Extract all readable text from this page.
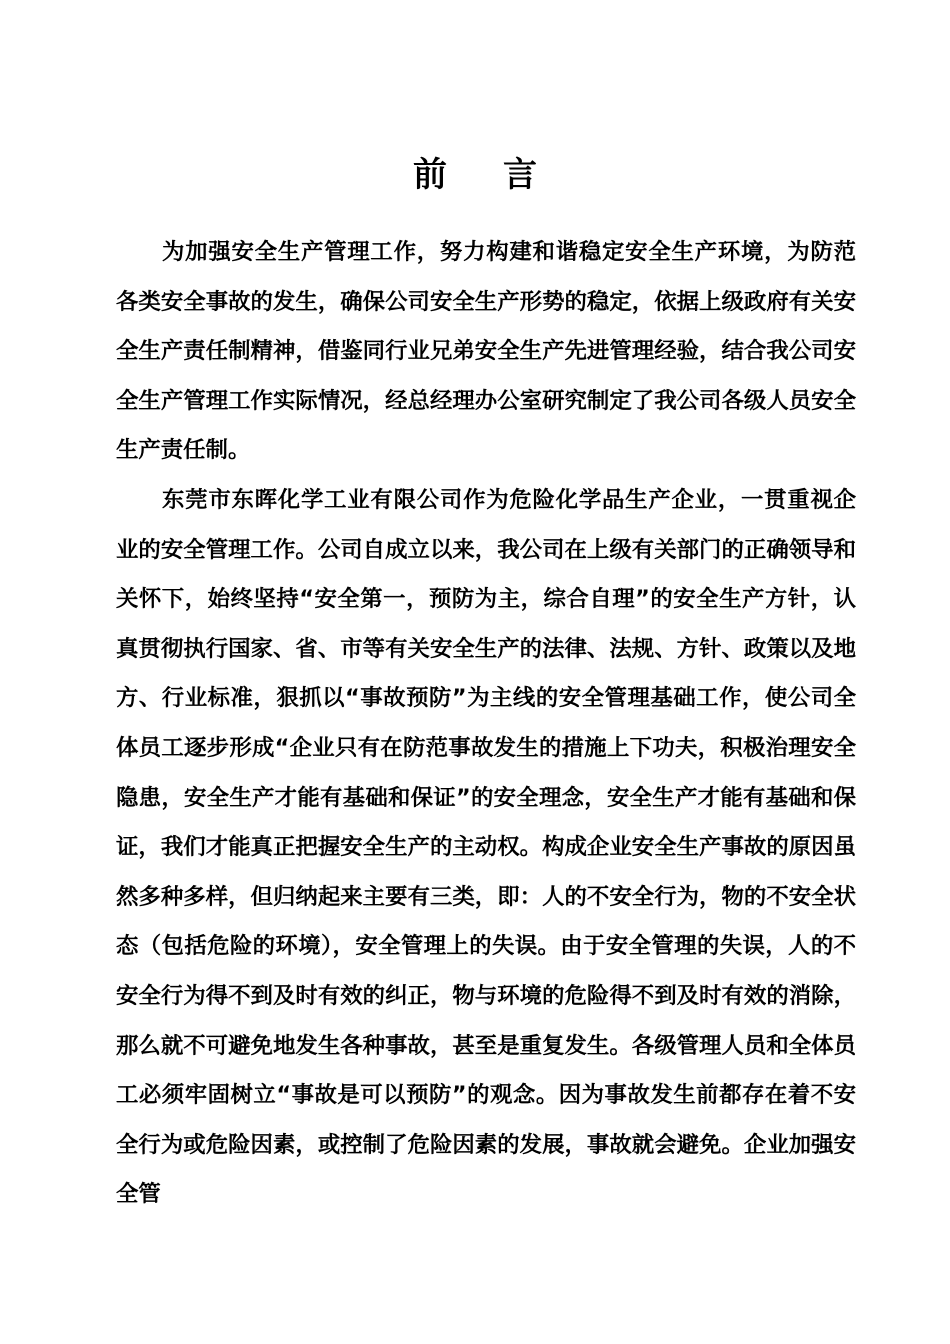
前言

为加强安全生产管理工作，努力构建和谐稳定安全生产环境，为防范各类安全事故的发生，确保公司安全生产形势的稳定，依据上级政府有关安全生产责任制精神，借鉴同行业兄弟安全生产先进管理经验，结合我公司安全生产管理工作实际情况，经总经理办公室研究制定了我公司各级人员安全生产责任制。

东莞市东晖化学工业有限公司作为危险化学品生产企业，一贯重视企业的安全管理工作。公司自成立以来，我公司在上级有关部门的正确领导和关怀下，始终坚持“安全第一，预防为主，综合自理”的安全生产方针，认真贯彻执行国家、省、市等有关安全生产的法律、法规、方针、政策以及地方、行业标准，狠抓以“事故预防”为主线的安全管理基础工作，使公司全体员工逐步形成“企业只有在防范事故发生的措施上下功夫，积极治理安全隐患，安全生产才能有基础和保证”的安全理念，安全生产才能有基础和保证，我们才能真正把握安全生产的主动权。构成企业安全生产事故的原因虽然多种多样，但归纳起来主要有三类，即：人的不安全行为，物的不安全状态（包括危险的环境），安全管理上的失误。由于安全管理的失误，人的不安全行为得不到及时有效的纠正，物与环境的危险得不到及时有效的消除，那么就不可避免地发生各种事故，甚至是重复发生。各级管理人员和全体员工必须牢固树立“事故是可以预防”的观念。因为事故发生前都存在着不安全行为或危险因素，或控制了危险因素的发展，事故就会避免。企业加强安全管
